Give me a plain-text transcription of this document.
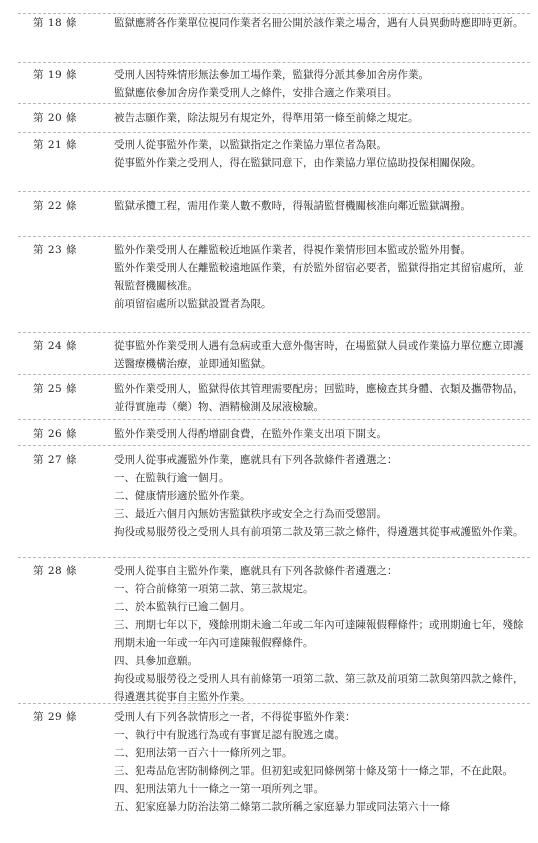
第 18 條	監獄應將各作業單位視同作業者名冊公開於該作業之場舍，遇有人員異動時應即時更新。

第 19 條	受刑人因特殊情形無法參加工場作業，監獄得分派其參加舍房作業。

監獄應依參加舍房作業受刑人之條件，安排合適之作業項目。

第 20 條	被告志願作業，除法規另有規定外，得準用第一條至前條之規定。

第 21 條	受刑人從事監外作業，以監獄指定之作業協力單位者為限。

從事監外作業之受刑人，得在監獄同意下，由作業協力單位協助投保相關保險。

第 22 條	監獄承攬工程，需用作業人數不敷時，得報請監督機關核准向鄰近監獄調撥。

第 23 條	監外作業受刑人在離監較近地區作業者，得視作業情形回本監或於監外用餐。

監外作業受刑人在離監較遠地區作業，有於監外留宿必要者，監獄得指定其留宿處所，並報監督機關核准。

前項留宿處所以監獄設置者為限。

第 24 條	從事監外作業受刑人遇有急病或重大意外傷害時，在場監獄人員或作業協力單位應立即護送醫療機構治療，並即通知監獄。

第 25 條	監外作業受刑人，監獄得依其管理需要配房；回監時，應檢查其身體、衣類及攜帶物品，並得實施毒（藥）物、酒精檢測及尿液檢驗。

第 26 條	監外作業受刑人得酌增副食費，在監外作業支出項下開支。

第 27 條	受刑人從事戒護監外作業，應就具有下列各款條件者遴選之：

一、在監執行逾一個月。

二、健康情形適於監外作業。

三、最近六個月內無妨害監獄秩序或安全之行為而受懲罰。

拘役或易服勞役之受刑人具有前項第二款及第三款之條件，得遴選其從事戒護監外作業。

第 28 條	受刑人從事自主監外作業，應就具有下列各款條件者遴選之：

一、符合前條第一項第二款、第三款規定。

二、於本監執行已逾二個月。

三、刑期七年以下，殘餘刑期未逾二年或二年內可達陳報假釋條件；或刑期逾七年，殘餘刑期未逾一年或一年內可達陳報假釋條件。

四、具參加意願。

拘役或易服勞役之受刑人具有前條第一項第二款、第三款及前項第二款與第四款之條件，得遴選其從事自主監外作業。

第 29 條	受刑人有下列各款情形之一者，不得從事監外作業：

一、執行中有脫逃行為或有事實足認有脫逃之虞。

二、犯刑法第一百六十一條所列之罪。

三、犯毒品危害防制條例之罪。但初犯或犯同條例第十條及第十一條之罪，不在此限。

四、犯刑法第九十一條之一第一項所列之罪。

五、犯家庭暴力防治法第二條第二款所稱之家庭暴力罪或同法第六十一條
